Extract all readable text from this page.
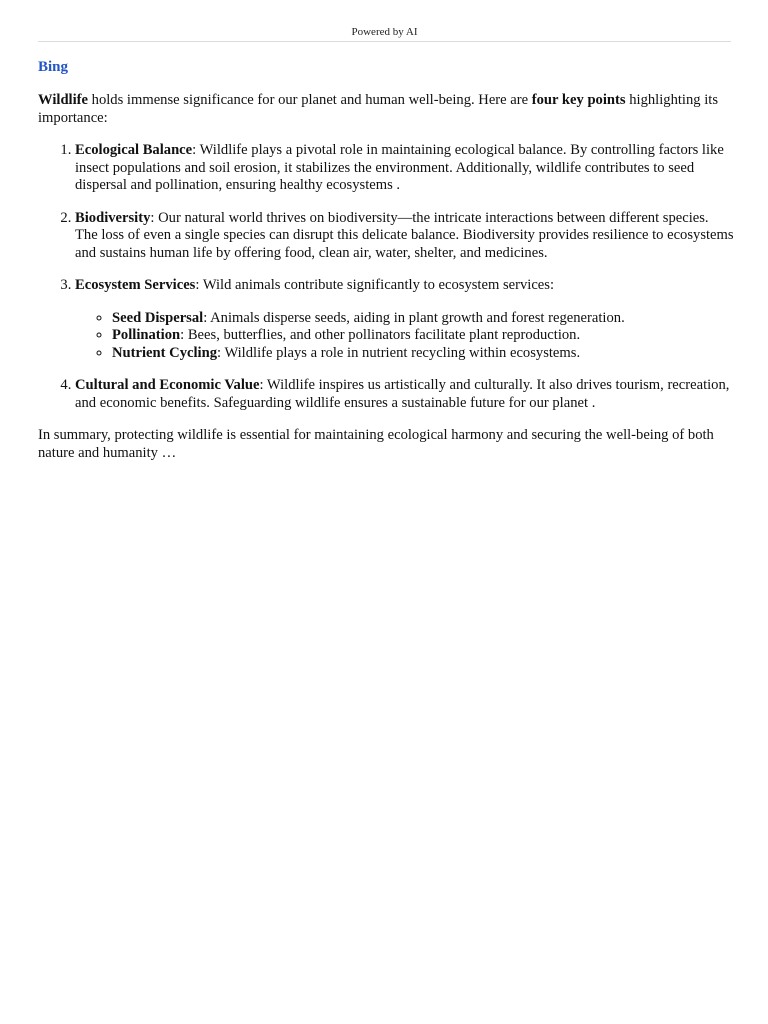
Powered by AI
Bing

Wildlife holds immense significance for our planet and human well-being. Here are four key points highlighting its importance:

1. Ecological Balance: Wildlife plays a pivotal role in maintaining ecological balance. By controlling factors like insect populations and soil erosion, it stabilizes the environment. Additionally, wildlife contributes to seed dispersal and pollination, ensuring healthy ecosystems .
2. Biodiversity: Our natural world thrives on biodiversity—the intricate interactions between different species. The loss of even a single species can disrupt this delicate balance. Biodiversity provides resilience to ecosystems and sustains human life by offering food, clean air, water, shelter, and medicines.
3. Ecosystem Services: Wild animals contribute significantly to ecosystem services:
◦ Seed Dispersal: Animals disperse seeds, aiding in plant growth and forest regeneration.
◦ Pollination: Bees, butterflies, and other pollinators facilitate plant reproduction.
◦ Nutrient Cycling: Wildlife plays a role in nutrient recycling within ecosystems.
4. Cultural and Economic Value: Wildlife inspires us artistically and culturally. It also drives tourism, recreation, and economic benefits. Safeguarding wildlife ensures a sustainable future for our planet .

In summary, protecting wildlife is essential for maintaining ecological harmony and securing the well-being of both nature and humanity …
